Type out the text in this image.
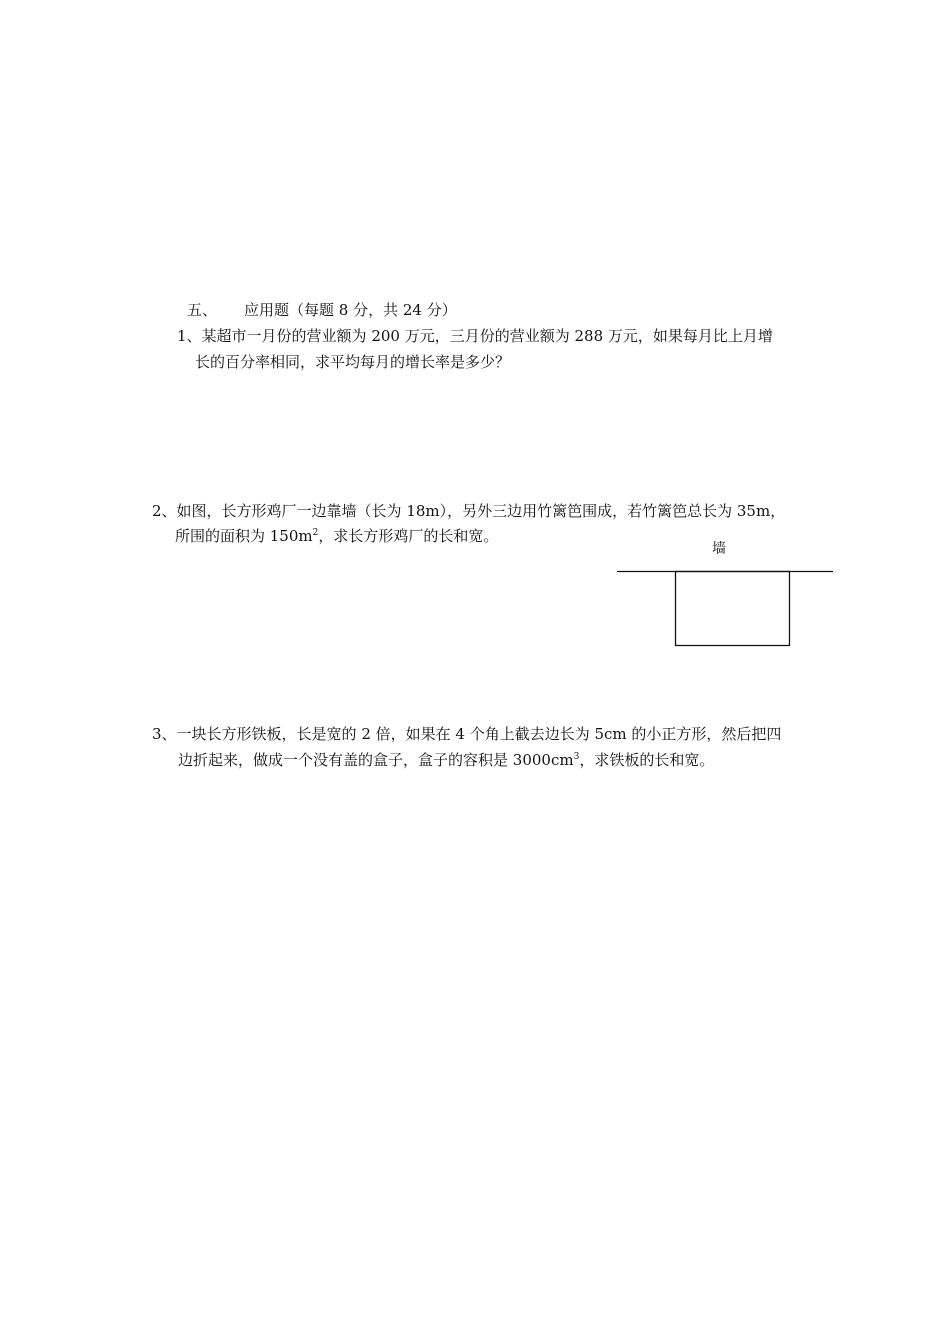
五、 应用题（每题 8 分，共 24 分）
1、某超市一月份的营业额为 200 万元，三月份的营业额为 288 万元，如果每月比上月增
长的百分率相同，求平均每月的增长率是多少？
2、如图，长方形鸡厂一边靠墙（长为 18m），另外三边用竹篱笆围成，若竹篱笆总长为 35m，
所围的面积为 $150m^2$，求长方形鸡厂的长和宽。
墙
3、一块长方形铁板，长是宽的 2 倍，如果在 4 个角上截去边长为 5cm 的小正方形，然后把四
边折起来，做成一个没有盖的盒子，盒子的容积是 $3000cm^3$，求铁板的长和宽。
